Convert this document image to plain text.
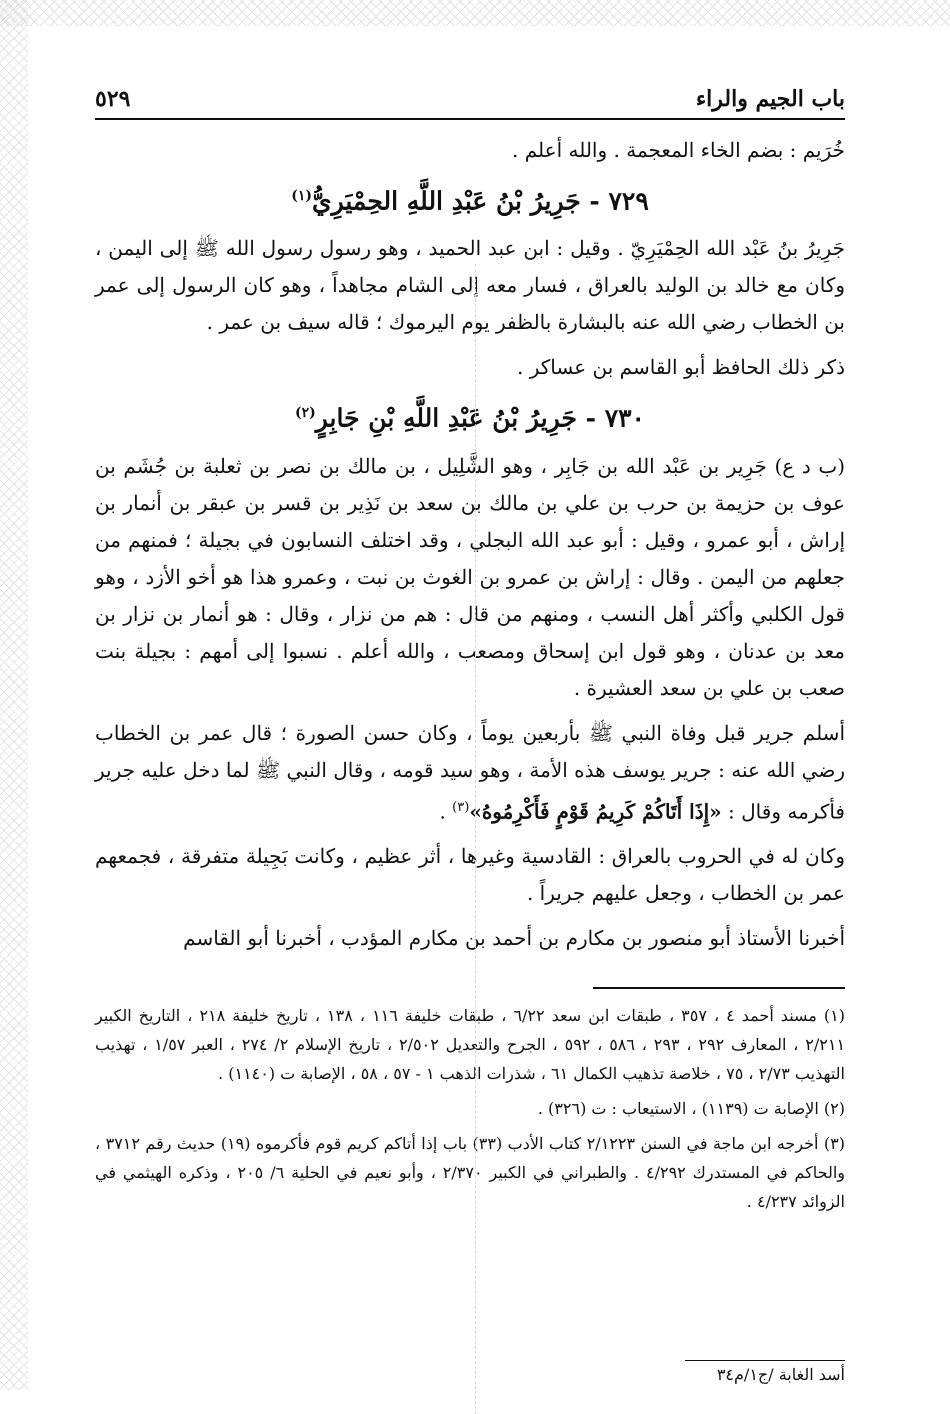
باب الجيم والراء
٥٢٩

خُرَيم : بضم الخاء المعجمة . والله أعلم .

٧٢٩ - جَرِيرُ بْنُ عَبْدِ اللَّهِ الحِمْيَرِيُّ$^{(١)}$

جَرِيرُ بنُ عَبْد الله الحِمْيَرِيّ . وقيل : ابن عبد الحميد ، وهو رسول رسول الله ﷺ إلى اليمن ، وكان مع خالد بن الوليد بالعراق ، فسار معه إلى الشام مجاهداً ، وهو كان الرسول إلى عمر بن الخطاب رضي الله عنه بالبشارة بالظفر يوم اليرموك ؛ قاله سيف بن عمر .

ذكر ذلك الحافظ أبو القاسم بن عساكر .

٧٣٠ - جَرِيرُ بْنُ عَبْدِ اللَّهِ بْنِ جَابِرٍ$^{(٢)}$

(ب د ع) جَرِير بن عَبْد الله بن جَابِر ، وهو الشَّلِيل ، بن مالك بن نصر بن ثعلبة بن جُشَم بن عوف بن حزيمة بن حرب بن علي بن مالك بن سعد بن نَذِير بن قسر بن عبقر بن أنمار بن إراش ، أبو عمرو ، وقيل : أبو عبد الله البجلي ، وقد اختلف النسابون في بجيلة ؛ فمنهم من جعلهم من اليمن . وقال : إراش بن عمرو بن الغوث بن نبت ، وعمرو هذا هو أخو الأزد ، وهو قول الكلبي وأكثر أهل النسب ، ومنهم من قال : هم من نزار ، وقال : هو أنمار بن نزار بن معد بن عدنان ، وهو قول ابن إسحاق ومصعب ، والله أعلم . نسبوا إلى أمهم : بجيلة بنت صعب بن علي بن سعد العشيرة .

أسلم جرير قبل وفاة النبي ﷺ بأربعين يوماً ، وكان حسن الصورة ؛ قال عمر بن الخطاب رضي الله عنه : جرير يوسف هذه الأمة ، وهو سيد قومه ، وقال النبي ﷺ لما دخل عليه جرير فأكرمه وقال : «إِذَا أَتَاكُمْ كَرِيمُ قَوْمٍ فَأَكْرِمُوهُ»$^{(٣)}$ .

وكان له في الحروب بالعراق : القادسية وغيرها ، أثر عظيم ، وكانت بَجِيلة متفرقة ، فجمعهم عمر بن الخطاب ، وجعل عليهم جريراً .

أخبرنا الأستاذ أبو منصور بن مكارم بن أحمد بن مكارم المؤدب ، أخبرنا أبو القاسم

(١) مسند أحمد ٤ ، ٣٥٧ ، طبقات ابن سعد ٦/٢٢ ، طبقات خليفة ١١٦ ، ١٣٨ ، تاريخ خليفة ٢١٨ ، التاريخ الكبير ٢/٢١١ ، المعارف ٢٩٢ ، ٢٩٣ ، ٥٨٦ ، ٥٩٢ ، الجرح والتعديل ٢/٥٠٢ ، تاريخ الإسلام ٢/ ٢٧٤ ، العبر ١/٥٧ ، تهذيب التهذيب ٢/٧٣ ، ٧٥ ، خلاصة تذهيب الكمال ٦١ ، شذرات الذهب ١ - ٥٧ ، ٥٨ ، الإصابة ت (١١٤٠) .

(٢) الإصابة ت (١١٣٩) ، الاستيعاب : ت (٣٢٦) .

(٣) أخرجه ابن ماجة في السنن ٢/١٢٢٣ كتاب الأدب (٣٣) باب إذا أتاكم كريم قوم فأكرموه (١٩) حديث رقم ٣٧١٢ ، والحاكم في المستدرك ٤/٢٩٢ . والطبراني في الكبير ٢/٣٧٠ ، وأبو نعيم في الحلية ٦/ ٢٠٥ ، وذكره الهيثمي في الزوائد ٤/٢٣٧ .

أسد الغابة /ج١/م٣٤
